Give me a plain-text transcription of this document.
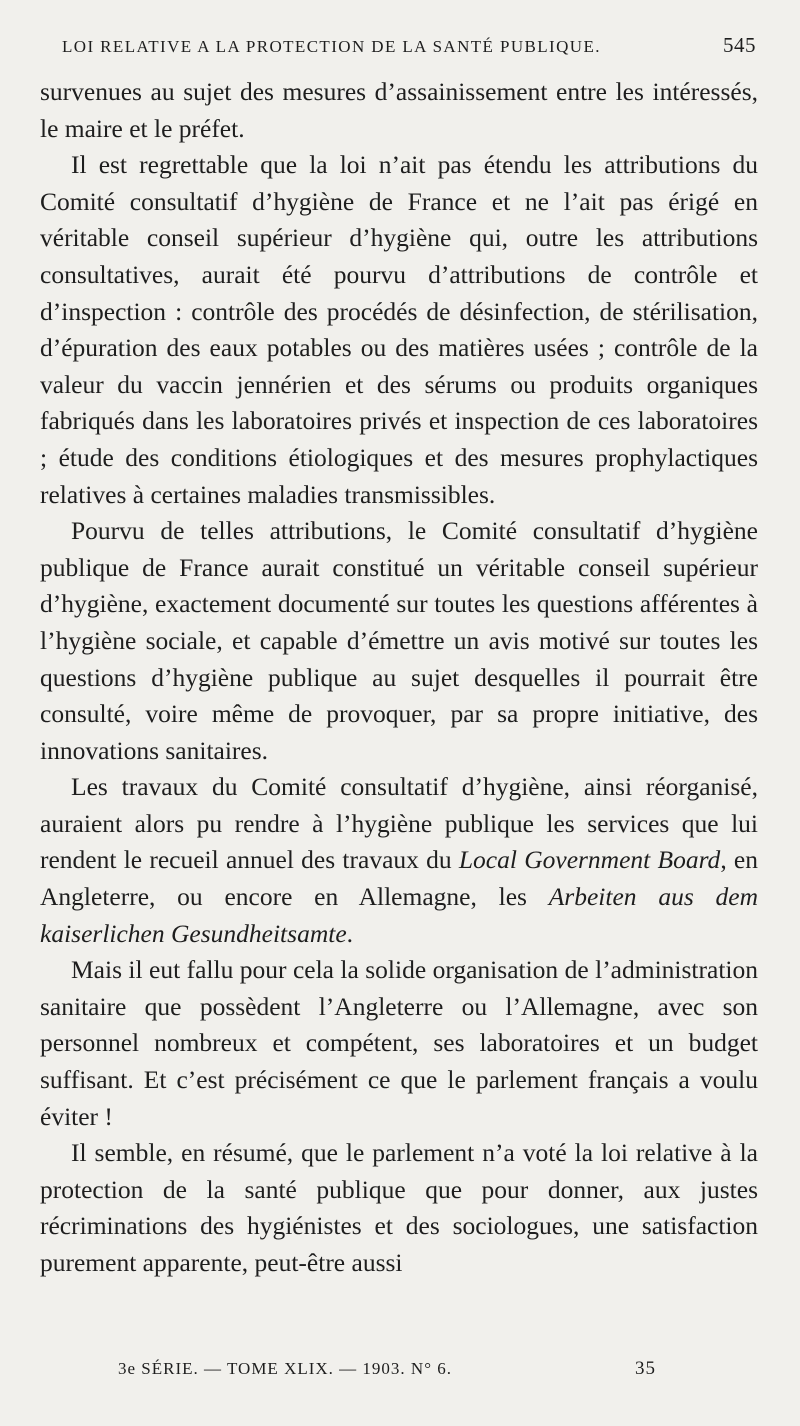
LOI RELATIVE A LA PROTECTION DE LA SANTÉ PUBLIQUE.	545

survenues au sujet des mesures d’assainissement entre les intéressés, le maire et le préfet.

Il est regrettable que la loi n’ait pas étendu les attributions du Comité consultatif d’hygiène de France et ne l’ait pas érigé en véritable conseil supérieur d’hygiène qui, outre les attributions consultatives, aurait été pourvu d’attributions de contrôle et d’inspection : contrôle des procédés de désinfection, de stérilisation, d’épuration des eaux potables ou des matières usées ; contrôle de la valeur du vaccin jennérien et des sérums ou produits organiques fabriqués dans les laboratoires privés et inspection de ces laboratoires ; étude des conditions étiologiques et des mesures prophylactiques relatives à certaines maladies transmissibles.

Pourvu de telles attributions, le Comité consultatif d’hygiène publique de France aurait constitué un véritable conseil supérieur d’hygiène, exactement documenté sur toutes les questions afférentes à l’hygiène sociale, et capable d’émettre un avis motivé sur toutes les questions d’hygiène publique au sujet desquelles il pourrait être consulté, voire même de provoquer, par sa propre initiative, des innovations sanitaires.

Les travaux du Comité consultatif d’hygiène, ainsi réorganisé, auraient alors pu rendre à l’hygiène publique les services que lui rendent le recueil annuel des travaux du Local Government Board, en Angleterre, ou encore en Allemagne, les Arbeiten aus dem kaiserlichen Gesundheitsamte.

Mais il eut fallu pour cela la solide organisation de l’administration sanitaire que possèdent l’Angleterre ou l’Allemagne, avec son personnel nombreux et compétent, ses laboratoires et un budget suffisant. Et c’est précisément ce que le parlement français a voulu éviter !

Il semble, en résumé, que le parlement n’a voté la loi relative à la protection de la santé publique que pour donner, aux justes récriminations des hygiénistes et des sociologues, une satisfaction purement apparente, peut-être aussi

3e SÉRIE. — TOME XLIX. — 1903. N° 6.	35
